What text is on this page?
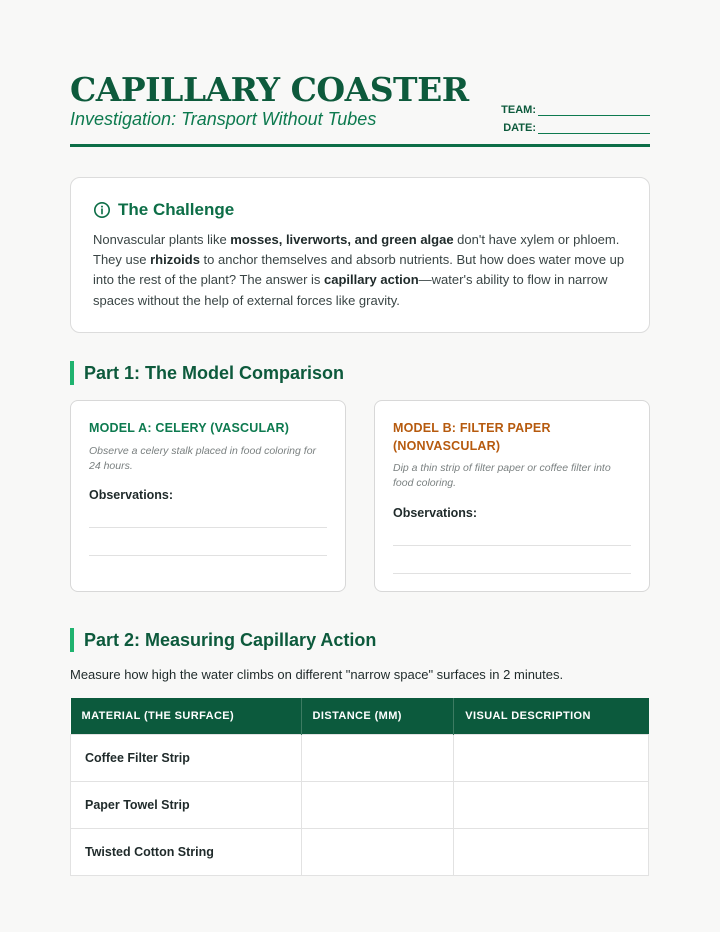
CAPILLARY COASTER
Investigation: Transport Without Tubes	TEAM:
DATE:
The Challenge
Nonvascular plants like mosses, liverworts, and green algae don't have xylem or phloem. They use rhizoids to anchor themselves and absorb nutrients. But how does water move up into the rest of the plant? The answer is capillary action—water's ability to flow in narrow spaces without the help of external forces like gravity.
Part 1: The Model Comparison
MODEL A: CELERY (VASCULAR)
Observe a celery stalk placed in food coloring for 24 hours.
Observations:
MODEL B: FILTER PAPER (NONVASCULAR)
Dip a thin strip of filter paper or coffee filter into food coloring.
Observations:
Part 2: Measuring Capillary Action
Measure how high the water climbs on different "narrow space" surfaces in 2 minutes.
MATERIAL (THE SURFACE)	DISTANCE (MM)	VISUAL DESCRIPTION
Coffee Filter Strip		
Paper Towel Strip		
Twisted Cotton String		
